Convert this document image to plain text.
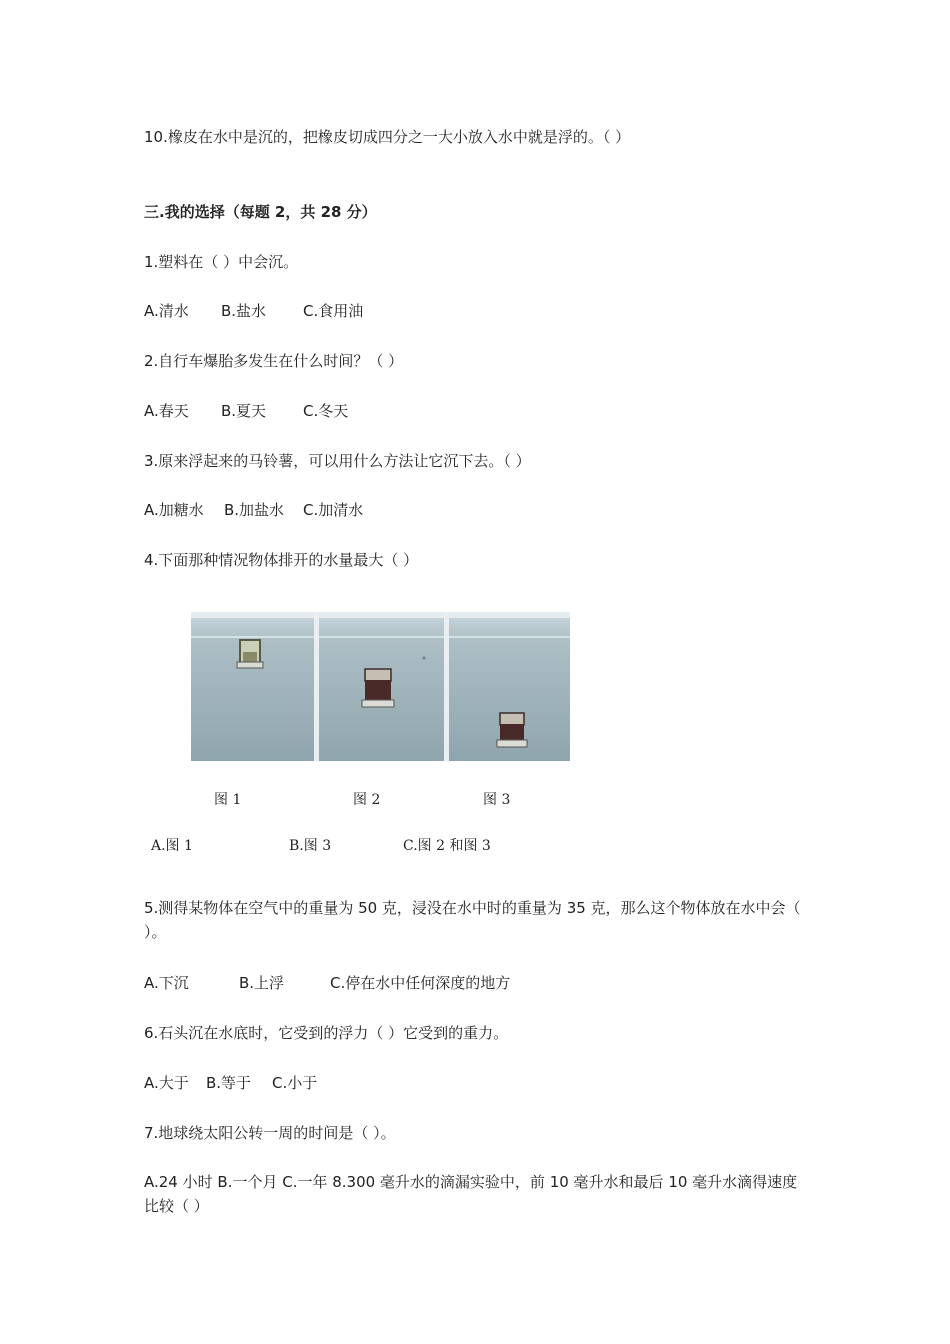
10.橡皮在水中是沉的，把橡皮切成四分之一大小放入水中就是浮的。（ ）
三.我的选择（每题 2，共 28 分）
1.塑料在（ ）中会沉。
A.清水 B.盐水 C.食用油
2.自行车爆胎多发生在什么时间？（ ）
A.春天 B.夏天 C.冬天
3.原来浮起来的马铃薯，可以用什么方法让它沉下去。（ ）
A.加糖水 B.加盐水 C.加清水
4.下面那种情况物体排开的水量最大（ ）
图 1	图 2	图 3
A.图 1	B.图 3	C.图 2 和图 3
5.测得某物体在空气中的重量为 50 克，浸没在水中时的重量为 35 克，那么这个物体放在水中会（ ）。
A.下沉	B.上浮	C.停在水中任何深度的地方
6.石头沉在水底时，它受到的浮力（ ）它受到的重力。
A.大于 B.等于 C.小于
7.地球绕太阳公转一周的时间是（ ）。
A.24 小时 B.一个月 C.一年 8.300 毫升水的滴漏实验中，前 10 毫升水和最后 10 毫升水滴得速度比较（ ）
